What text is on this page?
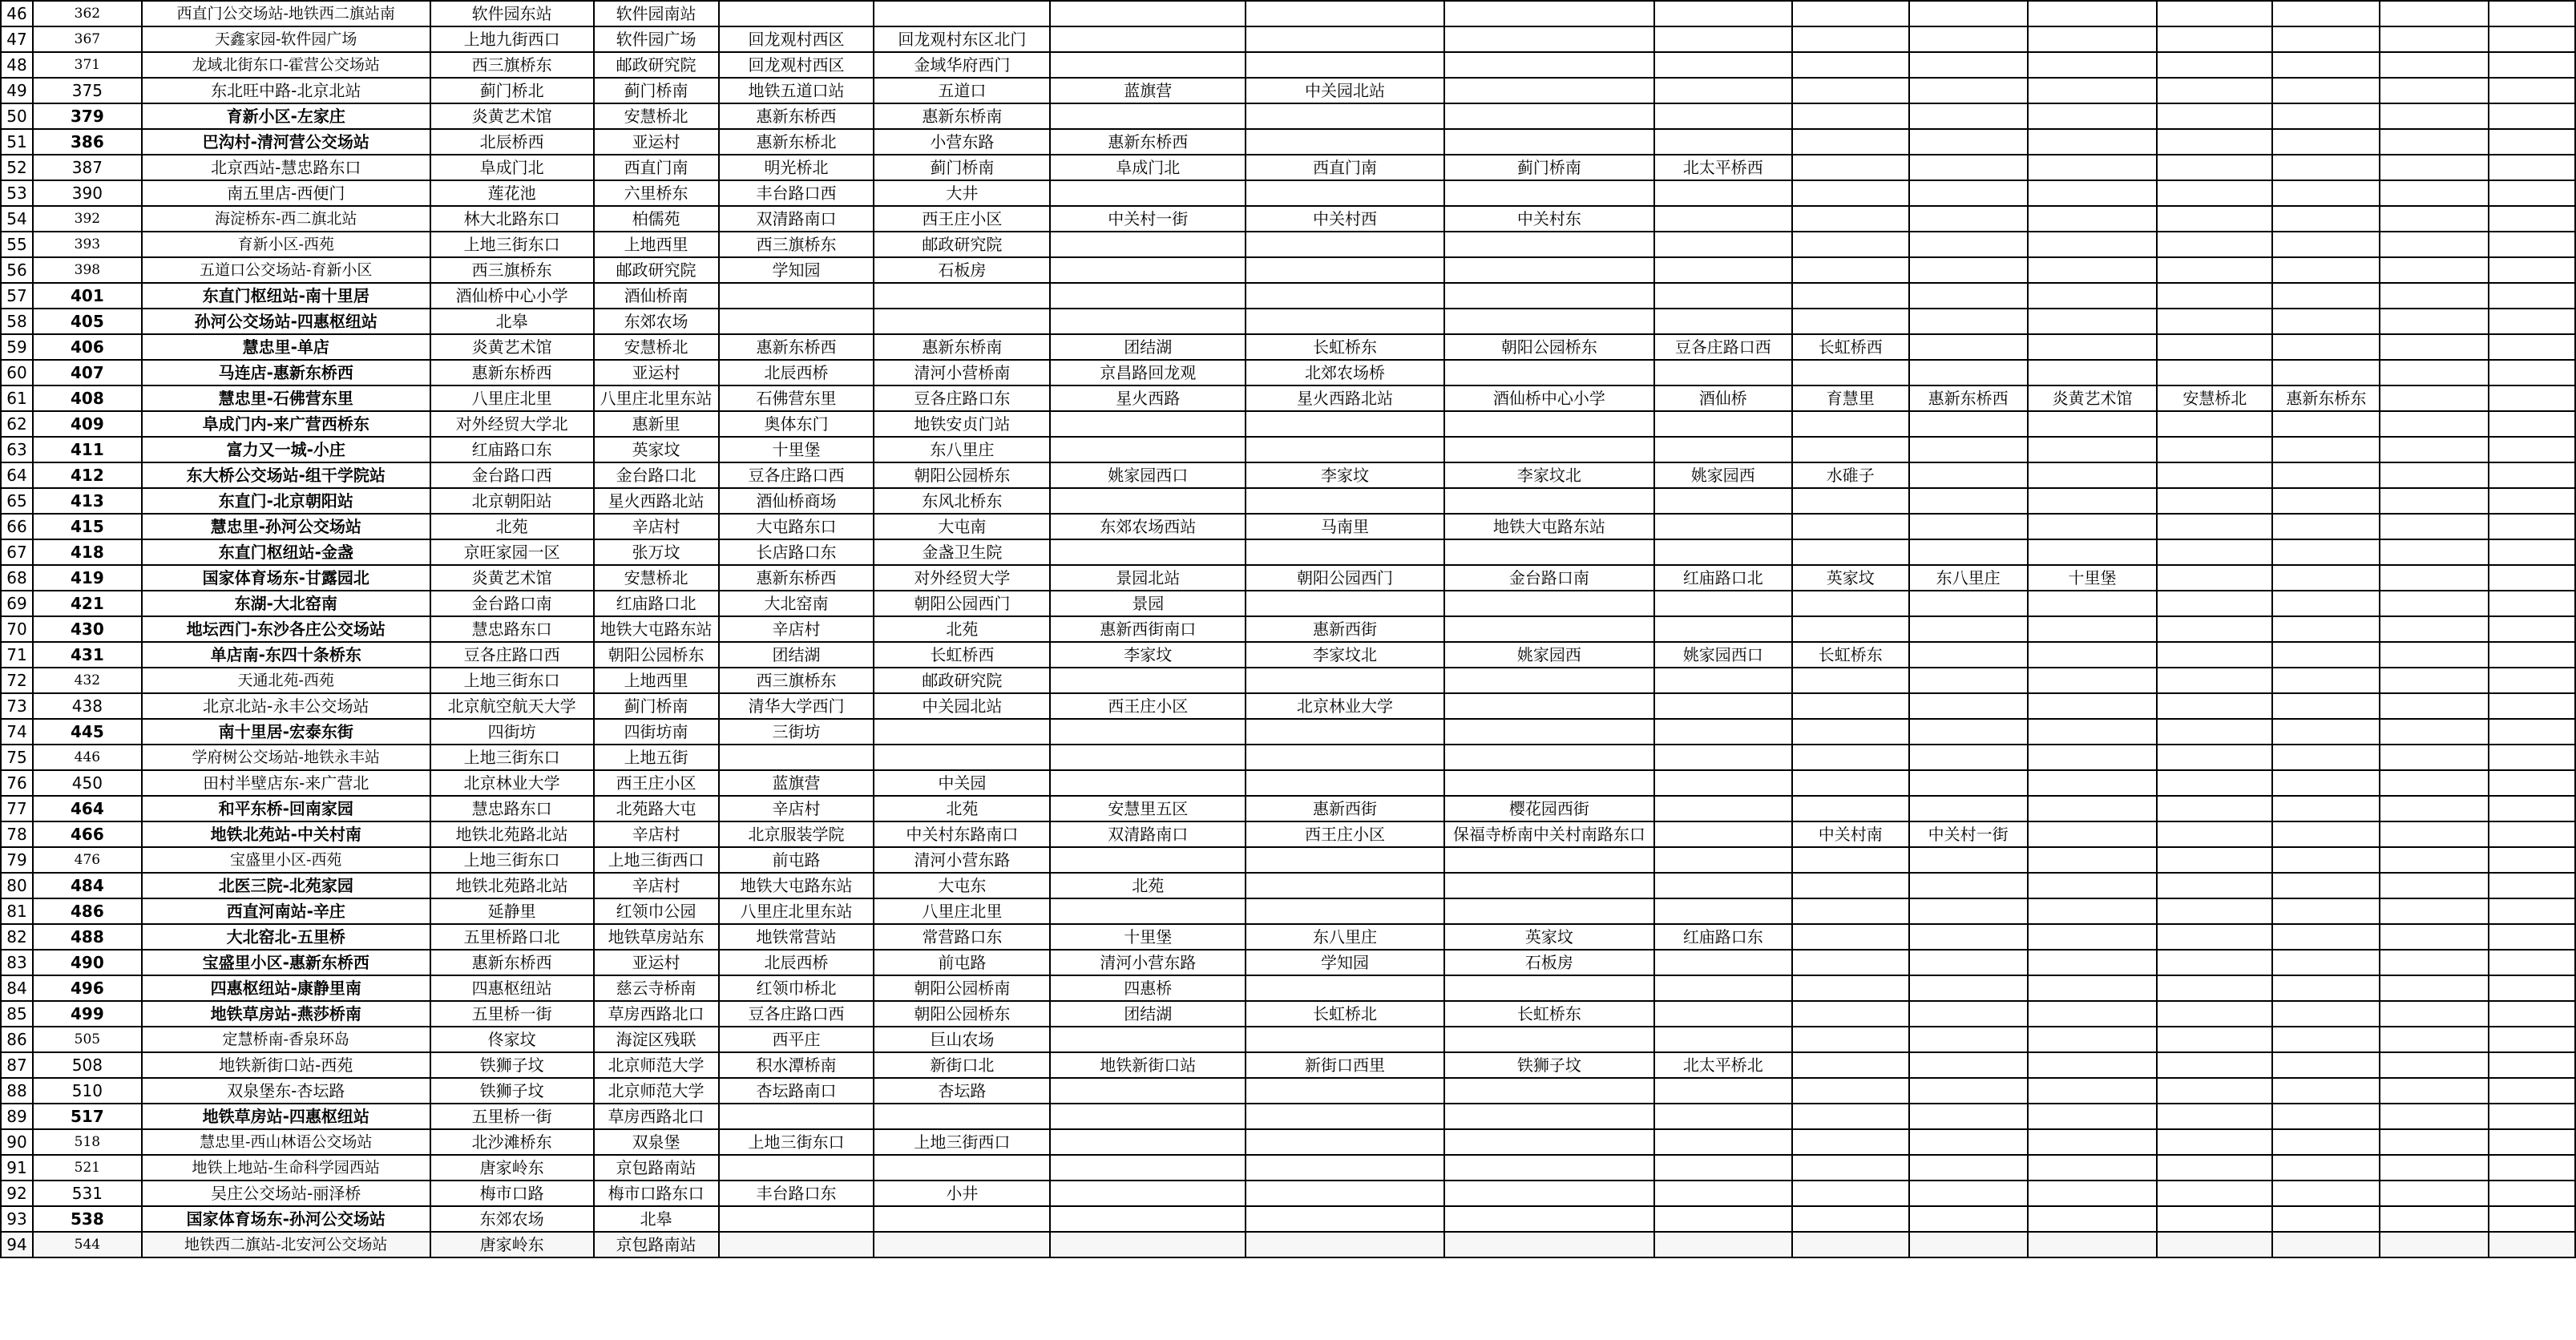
46	362	西直门公交场站-地铁西二旗站南	软件园东站	软件园南站													
47	367	天鑫家园-软件园广场	上地九街西口	软件园广场	回龙观村西区	回龙观村东区北门											
48	371	龙域北街东口-霍营公交场站	西三旗桥东	邮政研究院	回龙观村西区	金域华府西门											
49	375	东北旺中路-北京北站	蓟门桥北	蓟门桥南	地铁五道口站	五道口	蓝旗营	中关园北站									
50	379	育新小区-左家庄	炎黄艺术馆	安慧桥北	惠新东桥西	惠新东桥南											
51	386	巴沟村-清河营公交场站	北辰桥西	亚运村	惠新东桥北	小营东路	惠新东桥西										
52	387	北京西站-慧忠路东口	阜成门北	西直门南	明光桥北	蓟门桥南	阜成门北	西直门南	蓟门桥南	北太平桥西							
53	390	南五里店-西便门	莲花池	六里桥东	丰台路口西	大井											
54	392	海淀桥东-西二旗北站	林大北路东口	柏儒苑	双清路南口	西王庄小区	中关村一街	中关村西	中关村东								
55	393	育新小区-西苑	上地三街东口	上地西里	西三旗桥东	邮政研究院											
56	398	五道口公交场站-育新小区	西三旗桥东	邮政研究院	学知园	石板房											
57	401	东直门枢纽站-南十里居	酒仙桥中心小学	酒仙桥南													
58	405	孙河公交场站-四惠枢纽站	北皋	东郊农场													
59	406	慧忠里-单店	炎黄艺术馆	安慧桥北	惠新东桥西	惠新东桥南	团结湖	长虹桥东	朝阳公园桥东	豆各庄路口西	长虹桥西						
60	407	马连店-惠新东桥西	惠新东桥西	亚运村	北辰西桥	清河小营桥南	京昌路回龙观	北郊农场桥									
61	408	慧忠里-石佛营东里	八里庄北里	八里庄北里东站	石佛营东里	豆各庄路口东	星火西路	星火西路北站	酒仙桥中心小学	酒仙桥	育慧里	惠新东桥西	炎黄艺术馆	安慧桥北	惠新东桥东		
62	409	阜成门内-来广营西桥东	对外经贸大学北	惠新里	奥体东门	地铁安贞门站											
63	411	富力又一城-小庄	红庙路口东	英家坟	十里堡	东八里庄											
64	412	东大桥公交场站-组干学院站	金台路口西	金台路口北	豆各庄路口西	朝阳公园桥东	姚家园西口	李家坟	李家坟北	姚家园西	水碓子						
65	413	东直门-北京朝阳站	北京朝阳站	星火西路北站	酒仙桥商场	东风北桥东											
66	415	慧忠里-孙河公交场站	北苑	辛店村	大屯路东口	大屯南	东郊农场西站	马南里	地铁大屯路东站								
67	418	东直门枢纽站-金盏	京旺家园一区	张万坟	长店路口东	金盏卫生院											
68	419	国家体育场东-甘露园北	炎黄艺术馆	安慧桥北	惠新东桥西	对外经贸大学	景园北站	朝阳公园西门	金台路口南	红庙路口北	英家坟	东八里庄	十里堡				
69	421	东湖-大北窑南	金台路口南	红庙路口北	大北窑南	朝阳公园西门	景园										
70	430	地坛西门-东沙各庄公交场站	慧忠路东口	地铁大屯路东站	辛店村	北苑	惠新西街南口	惠新西街									
71	431	单店南-东四十条桥东	豆各庄路口西	朝阳公园桥东	团结湖	长虹桥西	李家坟	李家坟北	姚家园西	姚家园西口	长虹桥东						
72	432	天通北苑-西苑	上地三街东口	上地西里	西三旗桥东	邮政研究院											
73	438	北京北站-永丰公交场站	北京航空航天大学	蓟门桥南	清华大学西门	中关园北站	西王庄小区	北京林业大学									
74	445	南十里居-宏泰东街	四街坊	四街坊南	三街坊												
75	446	学府树公交场站-地铁永丰站	上地三街东口	上地五街													
76	450	田村半壁店东-来广营北	北京林业大学	西王庄小区	蓝旗营	中关园											
77	464	和平东桥-回南家园	慧忠路东口	北苑路大屯	辛店村	北苑	安慧里五区	惠新西街	樱花园西街								
78	466	地铁北苑站-中关村南	地铁北苑路北站	辛店村	北京服装学院	中关村东路南口	双清路南口	西王庄小区	保福寺桥南中关村南路东口		中关村南	中关村一街					
79	476	宝盛里小区-西苑	上地三街东口	上地三街西口	前屯路	清河小营东路											
80	484	北医三院-北苑家园	地铁北苑路北站	辛店村	地铁大屯路东站	大屯东	北苑										
81	486	西直河南站-辛庄	延静里	红领巾公园	八里庄北里东站	八里庄北里											
82	488	大北窑北-五里桥	五里桥路口北	地铁草房站东	地铁常营站	常营路口东	十里堡	东八里庄	英家坟	红庙路口东							
83	490	宝盛里小区-惠新东桥西	惠新东桥西	亚运村	北辰西桥	前屯路	清河小营东路	学知园	石板房								
84	496	四惠枢纽站-康静里南	四惠枢纽站	慈云寺桥南	红领巾桥北	朝阳公园桥南	四惠桥										
85	499	地铁草房站-燕莎桥南	五里桥一街	草房西路北口	豆各庄路口西	朝阳公园桥东	团结湖	长虹桥北	长虹桥东								
86	505	定慧桥南-香泉环岛	佟家坟	海淀区残联	西平庄	巨山农场											
87	508	地铁新街口站-西苑	铁狮子坟	北京师范大学	积水潭桥南	新街口北	地铁新街口站	新街口西里	铁狮子坟	北太平桥北							
88	510	双泉堡东-杏坛路	铁狮子坟	北京师范大学	杏坛路南口	杏坛路											
89	517	地铁草房站-四惠枢纽站	五里桥一街	草房西路北口													
90	518	慧忠里-西山林语公交场站	北沙滩桥东	双泉堡	上地三街东口	上地三街西口											
91	521	地铁上地站-生命科学园西站	唐家岭东	京包路南站													
92	531	吴庄公交场站-丽泽桥	梅市口路	梅市口路东口	丰台路口东	小井											
93	538	国家体育场东-孙河公交场站	东郊农场	北皋													
94	544	地铁西二旗站-北安河公交场站	唐家岭东	京包路南站													
